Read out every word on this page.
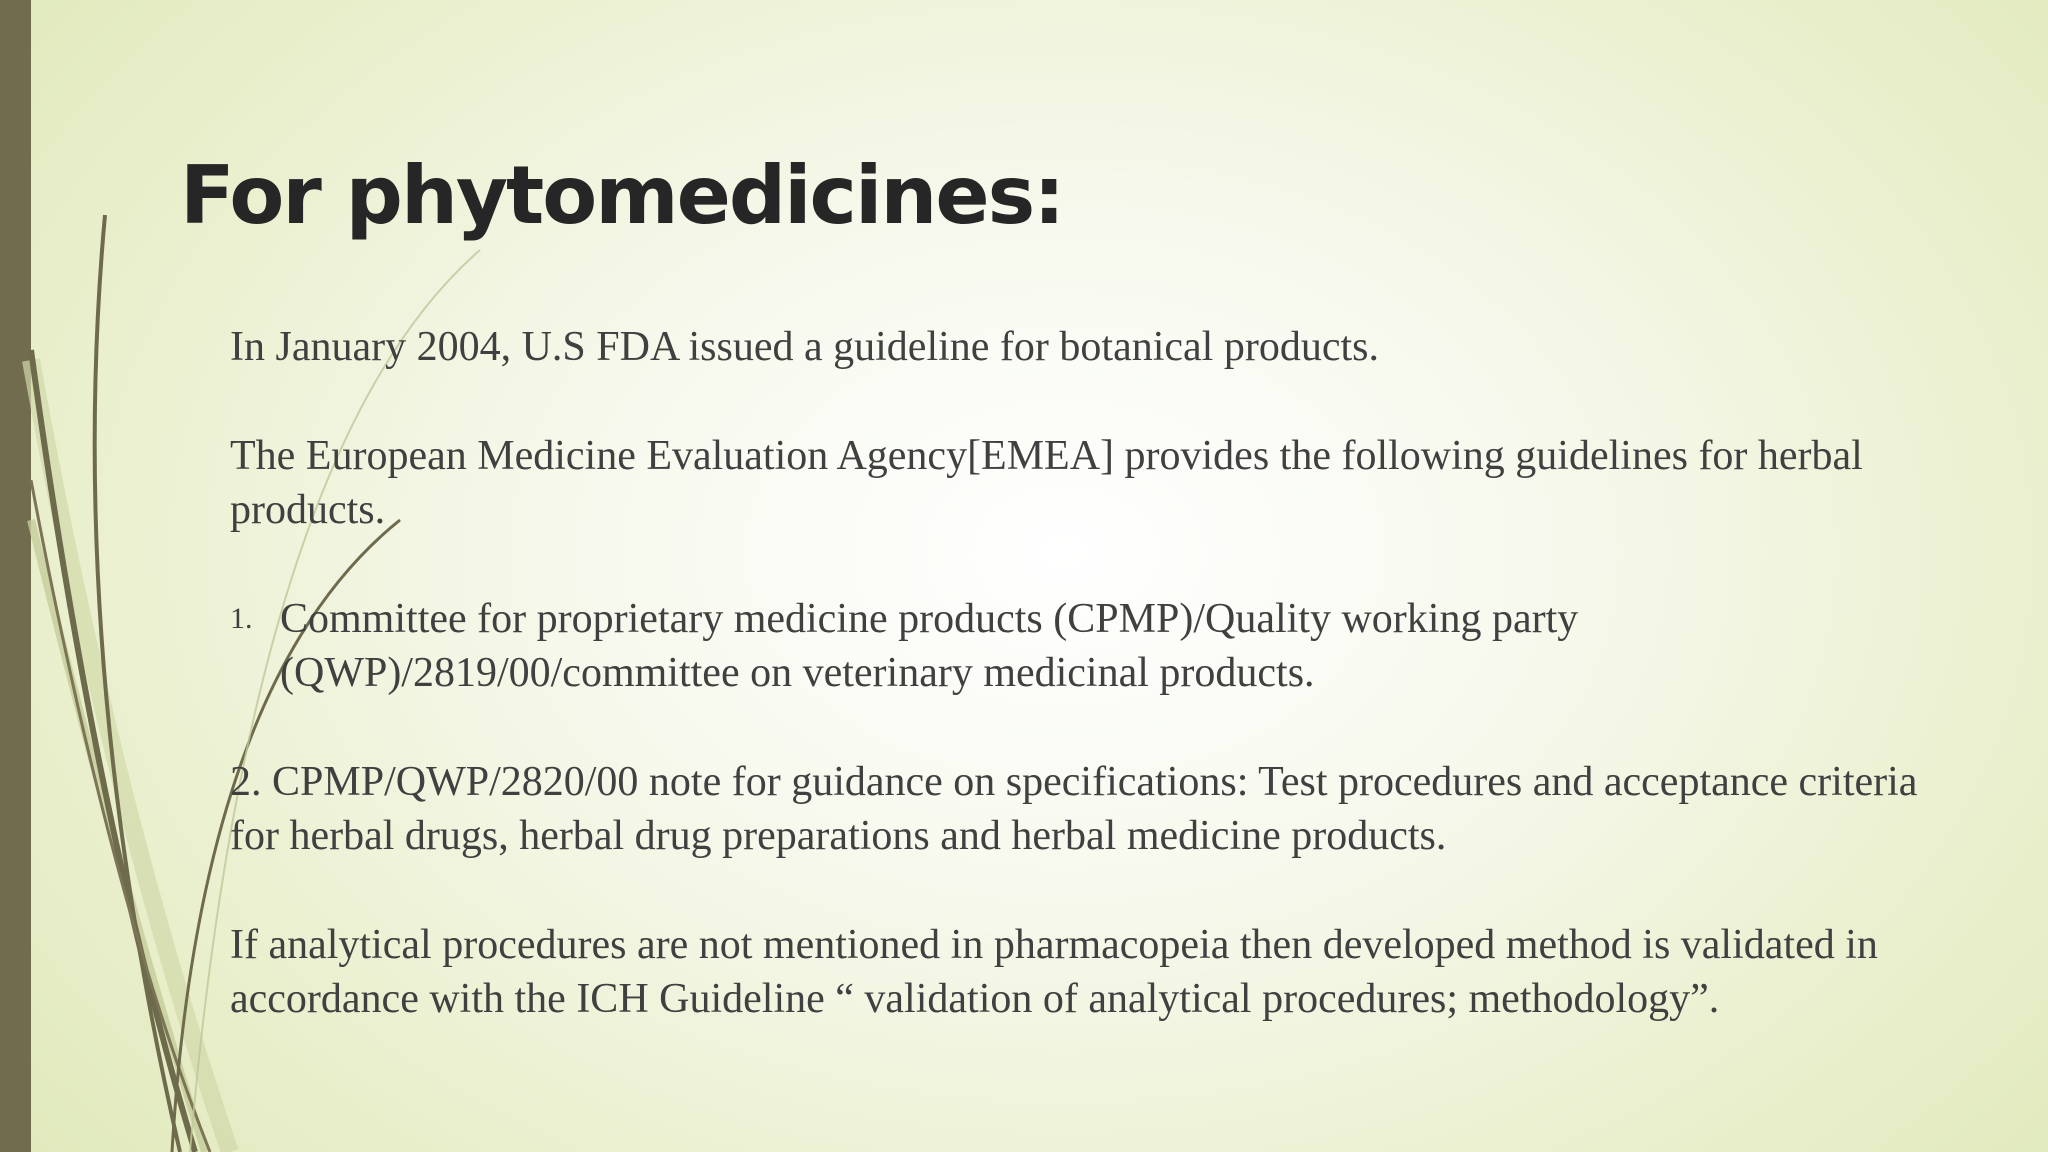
For phytomedicines:

In January 2004, U.S FDA issued a guideline for botanical products.

The European Medicine Evaluation Agency[EMEA] provides the following guidelines for herbal products.

1. Committee for proprietary medicine products (CPMP)/Quality working party (QWP)/2819/00/committee on veterinary medicinal products.

2. CPMP/QWP/2820/00 note for guidance on specifications: Test procedures and acceptance criteria for herbal drugs, herbal drug preparations and herbal medicine products.

If analytical procedures are not mentioned in pharmacopeia then developed method is validated in accordance with the ICH Guideline “ validation of analytical procedures; methodology”.
